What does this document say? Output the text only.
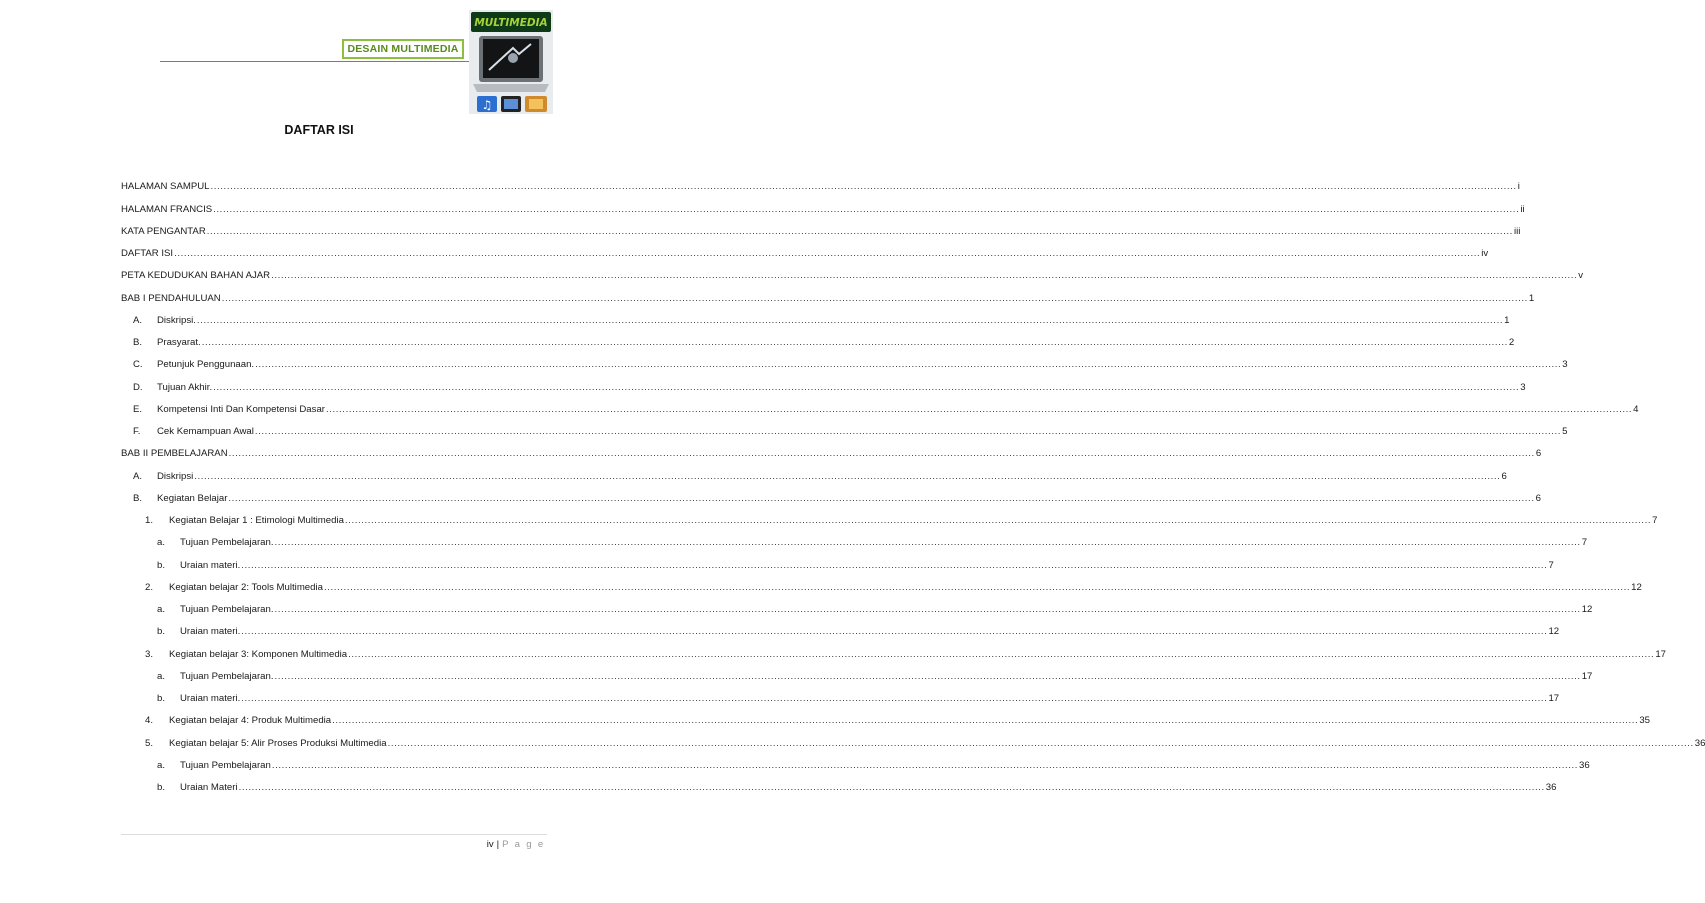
DESAIN MULTIMEDIA
MULTIMEDIA
♫
DAFTAR ISI
HALAMAN SAMPUL ................................................................................................................................................................................................................................................................................................................................................................................................................ i
HALAMAN FRANCIS ................................................................................................................................................................................................................................................................................................................................................................................................................ ii
KATA PENGANTAR ................................................................................................................................................................................................................................................................................................................................................................................................................ iii
DAFTAR ISI ................................................................................................................................................................................................................................................................................................................................................................................................................ iv
PETA KEDUDUKAN BAHAN AJAR ................................................................................................................................................................................................................................................................................................................................................................................................................ v
BAB I PENDAHULUAN ................................................................................................................................................................................................................................................................................................................................................................................................................ 1
A.	Diskripsi. ................................................................................................................................................................................................................................................................................................................................................................................................................ 1
B.	Prasyarat. ................................................................................................................................................................................................................................................................................................................................................................................................................ 2
C.	Petunjuk Penggunaan. ................................................................................................................................................................................................................................................................................................................................................................................................................ 3
D.	Tujuan Akhir. ................................................................................................................................................................................................................................................................................................................................................................................................................ 3
E.	Kompetensi Inti Dan Kompetensi Dasar ................................................................................................................................................................................................................................................................................................................................................................................................................ 4
F.	Cek Kemampuan Awal ................................................................................................................................................................................................................................................................................................................................................................................................................ 5
BAB II PEMBELAJARAN ................................................................................................................................................................................................................................................................................................................................................................................................................ 6
A.	Diskripsi ................................................................................................................................................................................................................................................................................................................................................................................................................ 6
B.	Kegiatan Belajar ................................................................................................................................................................................................................................................................................................................................................................................................................ 6
1.	Kegiatan Belajar 1 : Etimologi Multimedia ................................................................................................................................................................................................................................................................................................................................................................................................................ 7
a.	Tujuan Pembelajaran. ................................................................................................................................................................................................................................................................................................................................................................................................................ 7
b.	Uraian materi. ................................................................................................................................................................................................................................................................................................................................................................................................................ 7
2.	Kegiatan belajar 2: Tools Multimedia ................................................................................................................................................................................................................................................................................................................................................................................................................ 12
a.	Tujuan Pembelajaran. ................................................................................................................................................................................................................................................................................................................................................................................................................ 12
b.	Uraian materi. ................................................................................................................................................................................................................................................................................................................................................................................................................ 12
3.	Kegiatan belajar 3: Komponen Multimedia ................................................................................................................................................................................................................................................................................................................................................................................................................ 17
a.	Tujuan Pembelajaran. ................................................................................................................................................................................................................................................................................................................................................................................................................ 17
b.	Uraian materi. ................................................................................................................................................................................................................................................................................................................................................................................................................ 17
4.	Kegiatan belajar 4: Produk Multimedia ................................................................................................................................................................................................................................................................................................................................................................................................................ 35
5.	Kegiatan belajar 5: Alir Proses Produksi Multimedia ................................................................................................................................................................................................................................................................................................................................................................................................................ 36
a.	Tujuan Pembelajaran ................................................................................................................................................................................................................................................................................................................................................................................................................ 36
b.	Uraian Materi ................................................................................................................................................................................................................................................................................................................................................................................................................ 36
iv | P a g e
